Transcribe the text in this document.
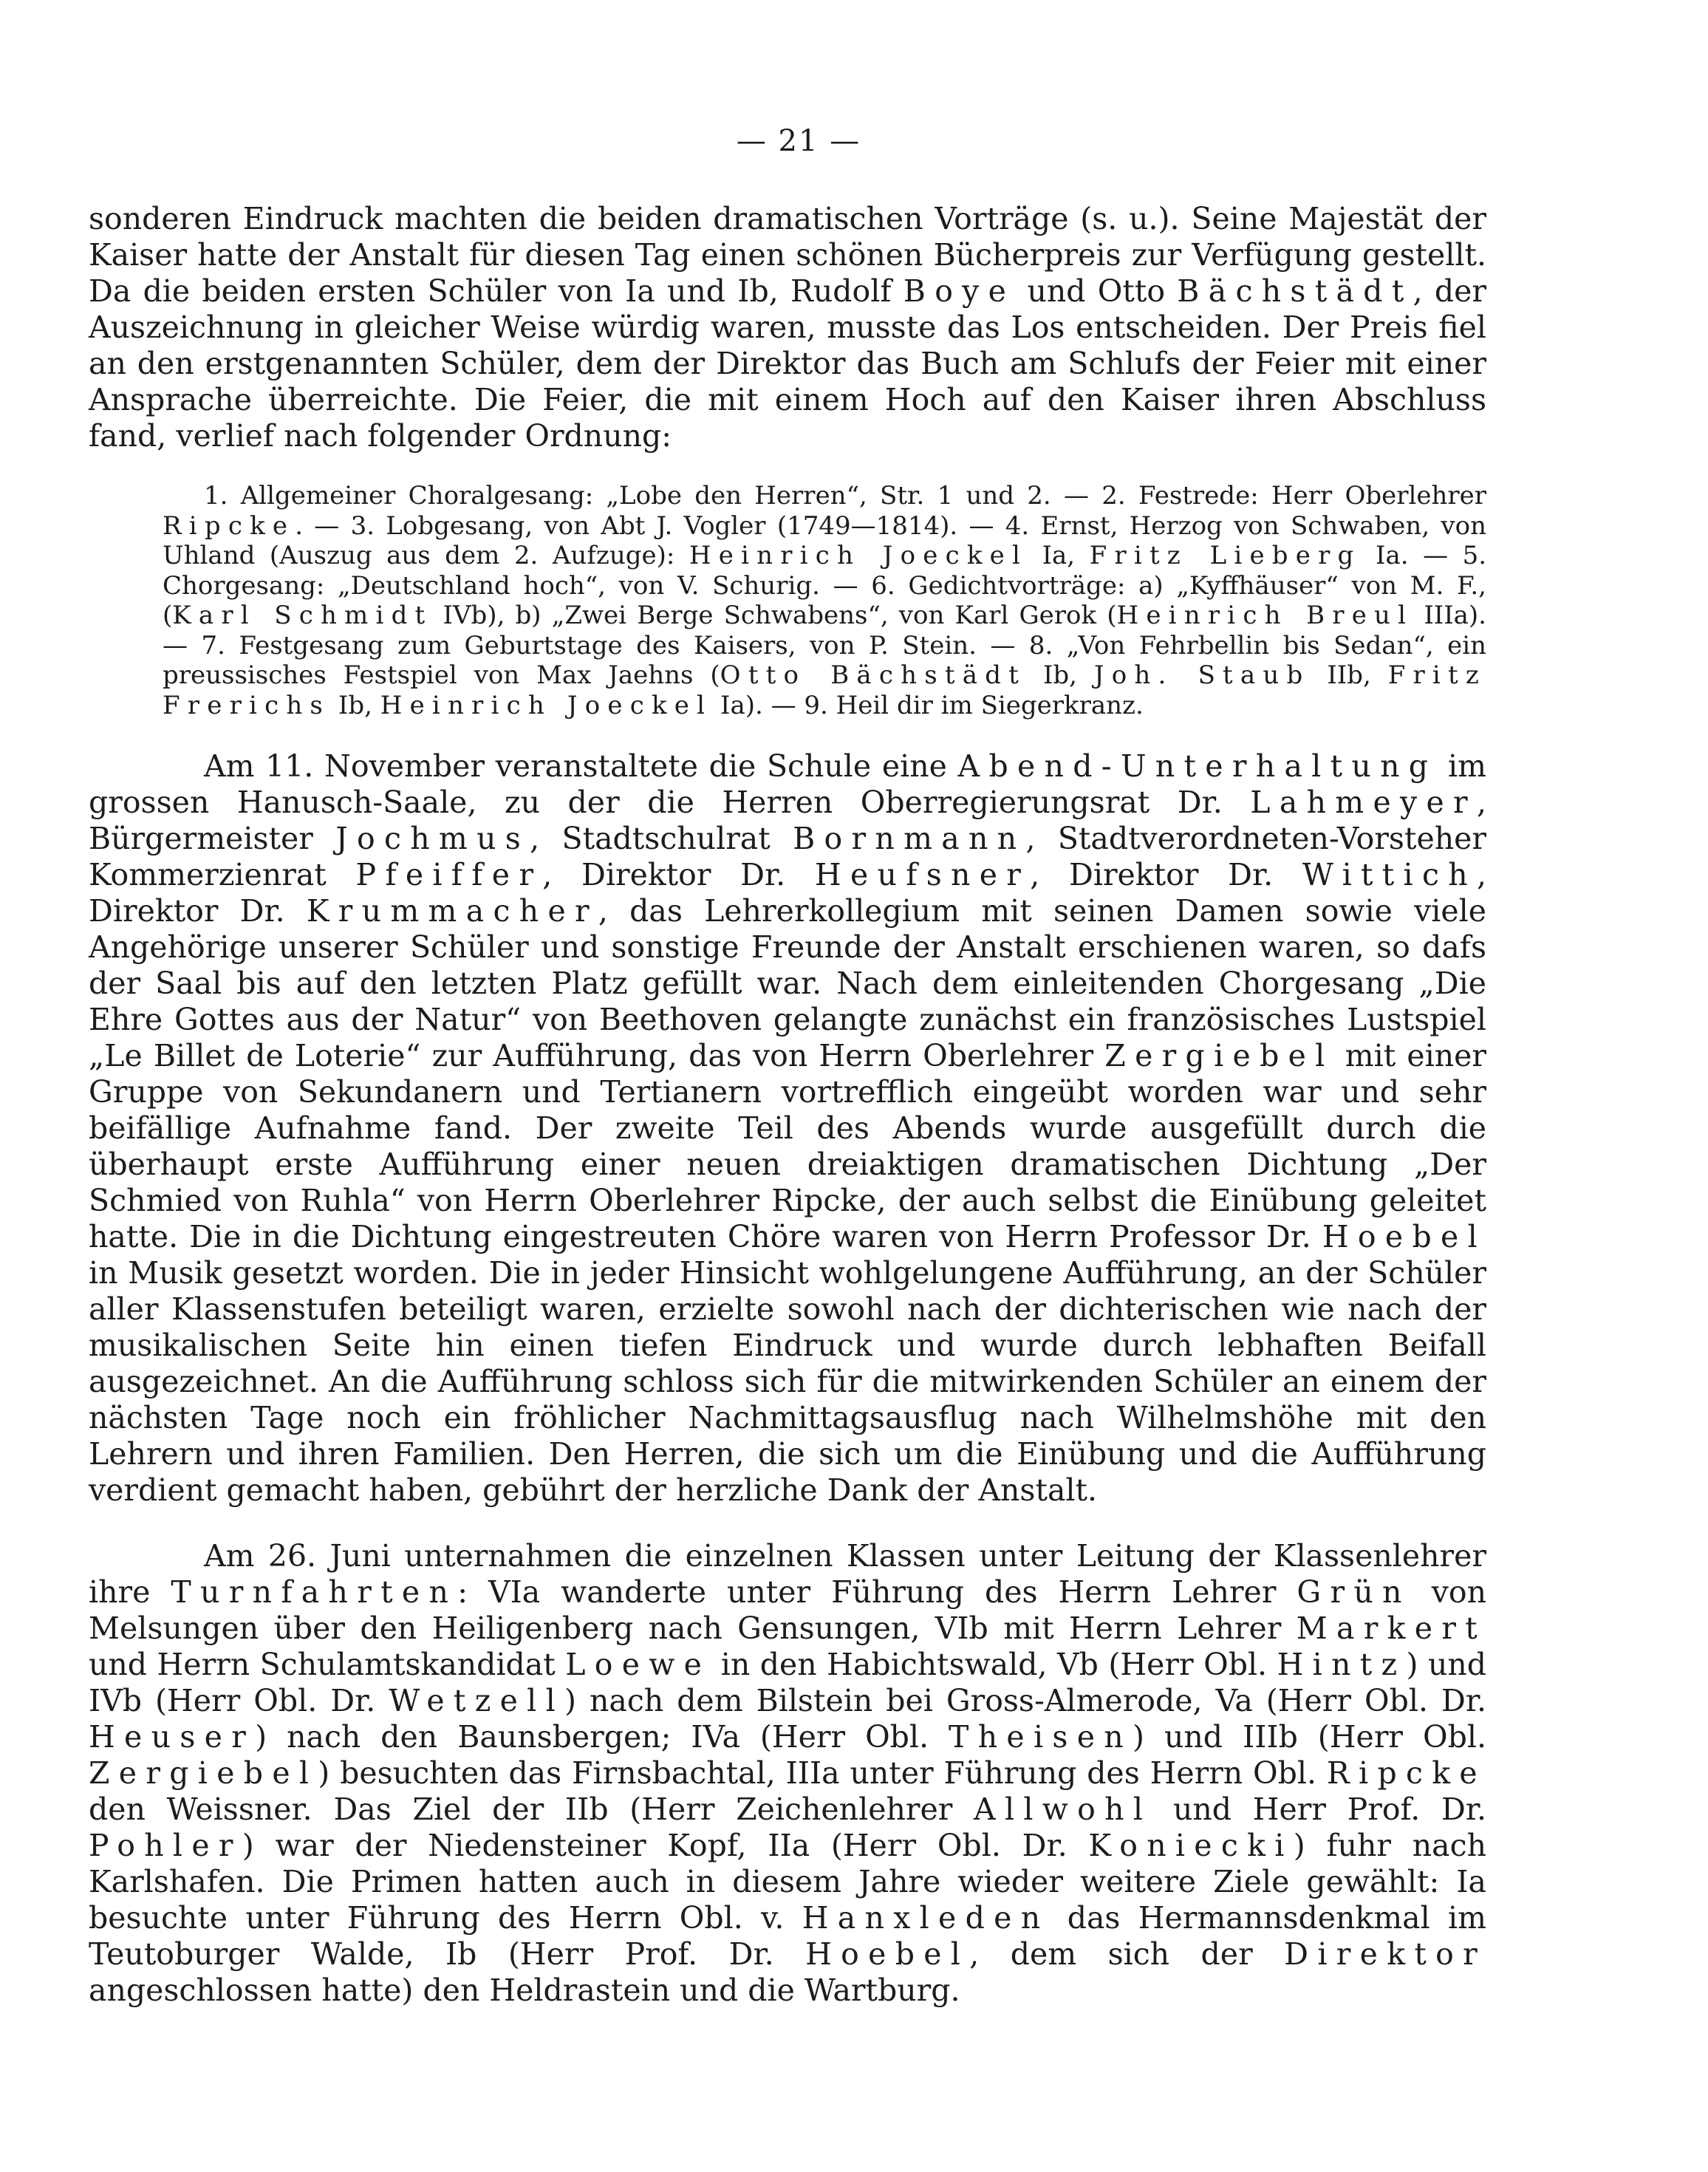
— 21 —

sonderen Eindruck machten die beiden dramatischen Vorträge (s. u.). Seine Majestät der Kaiser hatte der Anstalt für diesen Tag einen schönen Bücherpreis zur Verfügung gestellt. Da die beiden ersten Schüler von Ia und Ib, Rudolf Boye und Otto Bächstädt, der Auszeichnung in gleicher Weise würdig waren, musste das Los entscheiden. Der Preis fiel an den erstgenannten Schüler, dem der Direktor das Buch am Schlufs der Feier mit einer Ansprache überreichte. Die Feier, die mit einem Hoch auf den Kaiser ihren Abschluss fand, verlief nach folgender Ordnung:

1. Allgemeiner Choralgesang: „Lobe den Herren“, Str. 1 und 2. — 2. Festrede: Herr Oberlehrer Ripcke. — 3. Lobgesang, von Abt J. Vogler (1749—1814). — 4. Ernst, Herzog von Schwaben, von Uhland (Auszug aus dem 2. Aufzuge): Heinrich Joeckel Ia, Fritz Lieberg Ia. — 5. Chorgesang: „Deutschland hoch“, von V. Schurig. — 6. Gedichtvorträge: a) „Kyffhäuser“ von M. F., (Karl Schmidt IVb), b) „Zwei Berge Schwabens“, von Karl Gerok (Heinrich Breul IIIa). — 7. Festgesang zum Geburtstage des Kaisers, von P. Stein. — 8. „Von Fehrbellin bis Sedan“, ein preussisches Festspiel von Max Jaehns (Otto Bächstädt Ib, Joh. Staub IIb, Fritz Frerichs Ib, Heinrich Joeckel Ia). — 9. Heil dir im Siegerkranz.

Am 11. November veranstaltete die Schule eine Abend-Unterhaltung im grossen Hanusch-Saale, zu der die Herren Oberregierungsrat Dr. Lahmeyer, Bürgermeister Jochmus, Stadtschulrat Bornmann, Stadtverordneten-Vorsteher Kommerzienrat Pfeiffer, Direktor Dr. Heufsner, Direktor Dr. Wittich, Direktor Dr. Krummacher, das Lehrerkollegium mit seinen Damen sowie viele Angehörige unserer Schüler und sonstige Freunde der Anstalt erschienen waren, so dafs der Saal bis auf den letzten Platz gefüllt war. Nach dem einleitenden Chorgesang „Die Ehre Gottes aus der Natur“ von Beethoven gelangte zunächst ein französisches Lustspiel „Le Billet de Loterie“ zur Aufführung, das von Herrn Oberlehrer Zergiebel mit einer Gruppe von Sekundanern und Tertianern vortrefflich eingeübt worden war und sehr beifällige Aufnahme fand. Der zweite Teil des Abends wurde ausgefüllt durch die überhaupt erste Aufführung einer neuen dreiaktigen dramatischen Dichtung „Der Schmied von Ruhla“ von Herrn Oberlehrer Ripcke, der auch selbst die Einübung geleitet hatte. Die in die Dichtung eingestreuten Chöre waren von Herrn Professor Dr. Hoebel in Musik gesetzt worden. Die in jeder Hinsicht wohlgelungene Aufführung, an der Schüler aller Klassenstufen beteiligt waren, erzielte sowohl nach der dichterischen wie nach der musikalischen Seite hin einen tiefen Eindruck und wurde durch lebhaften Beifall ausgezeichnet. An die Aufführung schloss sich für die mitwirkenden Schüler an einem der nächsten Tage noch ein fröhlicher Nachmittagsausflug nach Wilhelmshöhe mit den Lehrern und ihren Familien. Den Herren, die sich um die Einübung und die Aufführung verdient gemacht haben, gebührt der herzliche Dank der Anstalt.

Am 26. Juni unternahmen die einzelnen Klassen unter Leitung der Klassenlehrer ihre Turnfahrten: VIa wanderte unter Führung des Herrn Lehrer Grün von Melsungen über den Heiligenberg nach Gensungen, VIb mit Herrn Lehrer Markert und Herrn Schulamtskandidat Loewe in den Habichtswald, Vb (Herr Obl. Hintz) und IVb (Herr Obl. Dr. Wetzell) nach dem Bilstein bei Gross-Almerode, Va (Herr Obl. Dr. Heuser) nach den Baunsbergen; IVa (Herr Obl. Theisen) und IIIb (Herr Obl. Zergiebel) besuchten das Firnsbachtal, IIIa unter Führung des Herrn Obl. Ripcke den Weissner. Das Ziel der IIb (Herr Zeichenlehrer Allwohl und Herr Prof. Dr. Pohler) war der Niedensteiner Kopf, IIa (Herr Obl. Dr. Koniecki) fuhr nach Karlshafen. Die Primen hatten auch in diesem Jahre wieder weitere Ziele gewählt: Ia besuchte unter Führung des Herrn Obl. v. Hanxleden das Hermannsdenkmal im Teutoburger Walde, Ib (Herr Prof. Dr. Hoebel, dem sich der Direktor angeschlossen hatte) den Heldrastein und die Wartburg.
